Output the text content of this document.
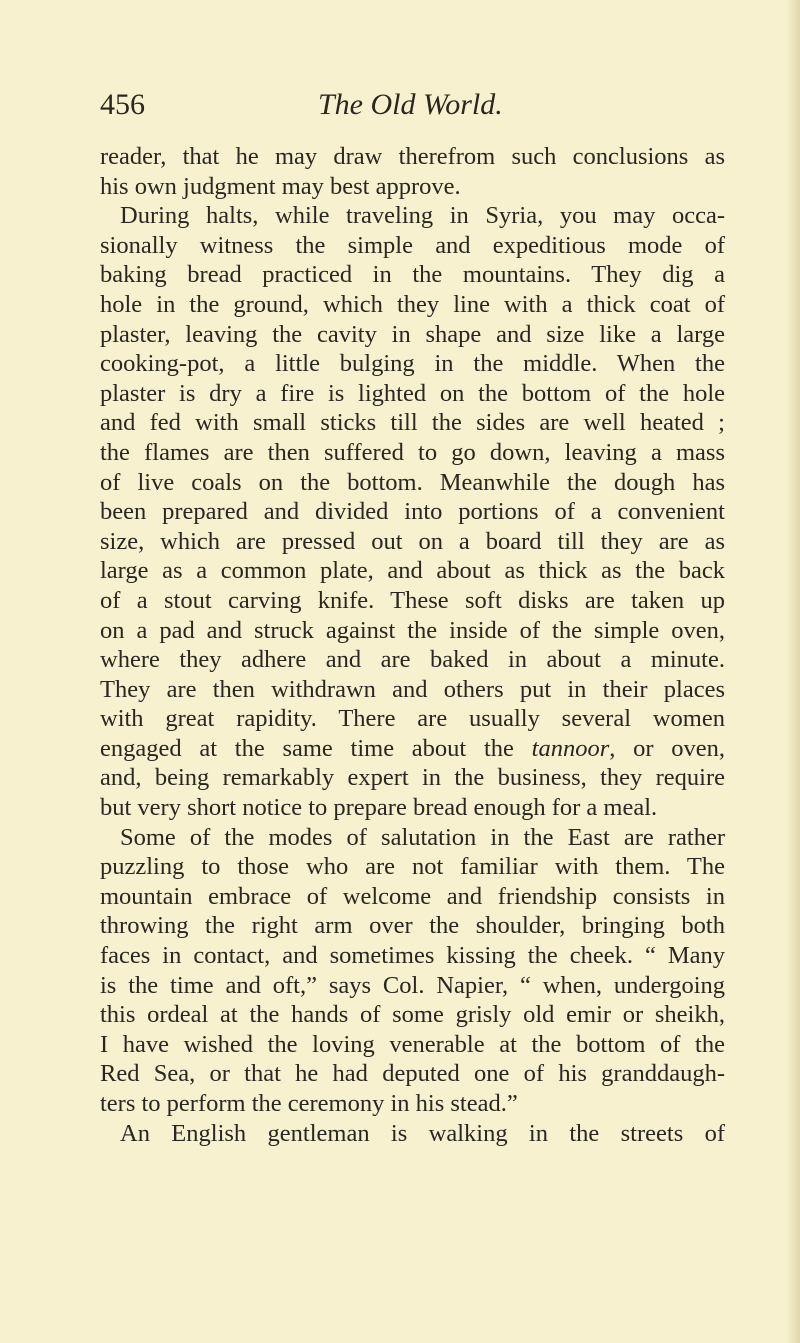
456	The Old World.
reader, that he may draw therefrom such conclusions as
his own judgment may best approve.
During halts, while traveling in Syria, you may occa-
sionally witness the simple and expeditious mode of
baking bread practiced in the mountains. They dig a
hole in the ground, which they line with a thick coat of
plaster, leaving the cavity in shape and size like a large
cooking-pot, a little bulging in the middle. When the
plaster is dry a fire is lighted on the bottom of the hole
and fed with small sticks till the sides are well heated ;
the flames are then suffered to go down, leaving a mass
of live coals on the bottom. Meanwhile the dough has
been prepared and divided into portions of a convenient
size, which are pressed out on a board till they are as
large as a common plate, and about as thick as the back
of a stout carving knife. These soft disks are taken up
on a pad and struck against the inside of the simple oven,
where they adhere and are baked in about a minute.
They are then withdrawn and others put in their places
with great rapidity. There are usually several women
engaged at the same time about the tannoor, or oven,
and, being remarkably expert in the business, they require
but very short notice to prepare bread enough for a meal.
Some of the modes of salutation in the East are rather
puzzling to those who are not familiar with them. The
mountain embrace of welcome and friendship consists in
throwing the right arm over the shoulder, bringing both
faces in contact, and sometimes kissing the cheek. “ Many
is the time and oft,” says Col. Napier, “ when, undergoing
this ordeal at the hands of some grisly old emir or sheikh,
I have wished the loving venerable at the bottom of the
Red Sea, or that he had deputed one of his granddaugh-
ters to perform the ceremony in his stead.”
An English gentleman is walking in the streets of
